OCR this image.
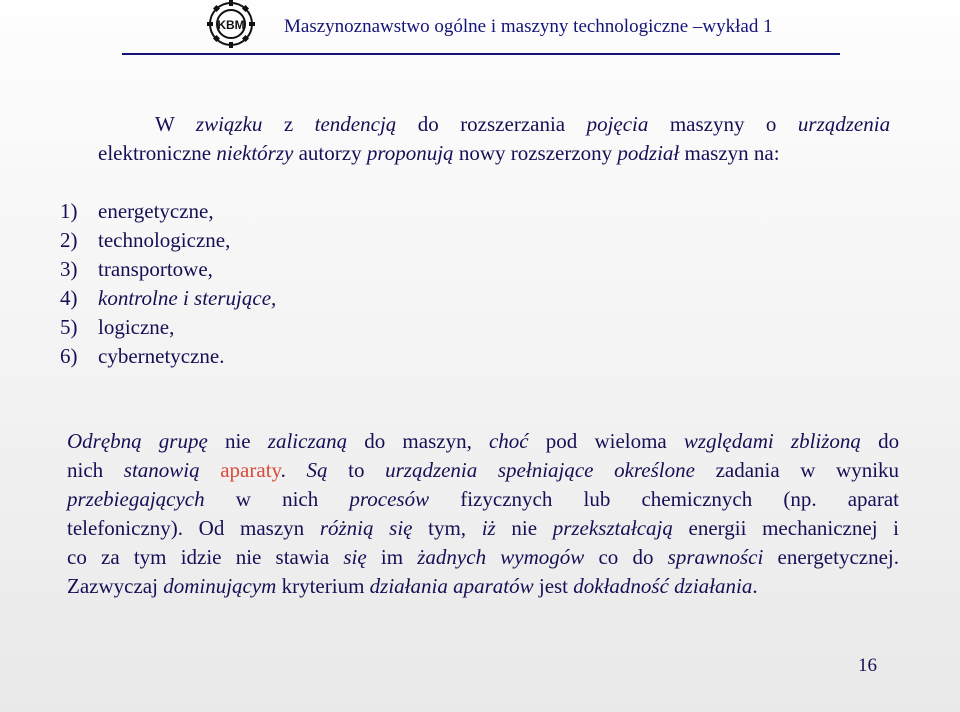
KBM Maszynoznawstwo ogólne i maszyny technologiczne –wykład 1
W związku z tendencją do rozszerzania pojęcia maszyny o urządzenia
elektroniczne niektórzy autorzy proponują nowy rozszerzony podział maszyn na:
1) energetyczne,
2) technologiczne,
3) transportowe,
4) kontrolne i sterujące,
5) logiczne,
6) cybernetyczne.
Odrębną grupę nie zaliczaną do maszyn, choć pod wieloma względami zbliżoną do
nich stanowią aparaty. Są to urządzenia spełniające określone zadania w wyniku
przebiegających w nich procesów fizycznych lub chemicznych (np. aparat
telefoniczny). Od maszyn różnią się tym, iż nie przekształcają energii mechanicznej i
co za tym idzie nie stawia się im żadnych wymogów co do sprawności energetycznej.
Zazwyczaj dominującym kryterium działania aparatów jest dokładność działania.
16
